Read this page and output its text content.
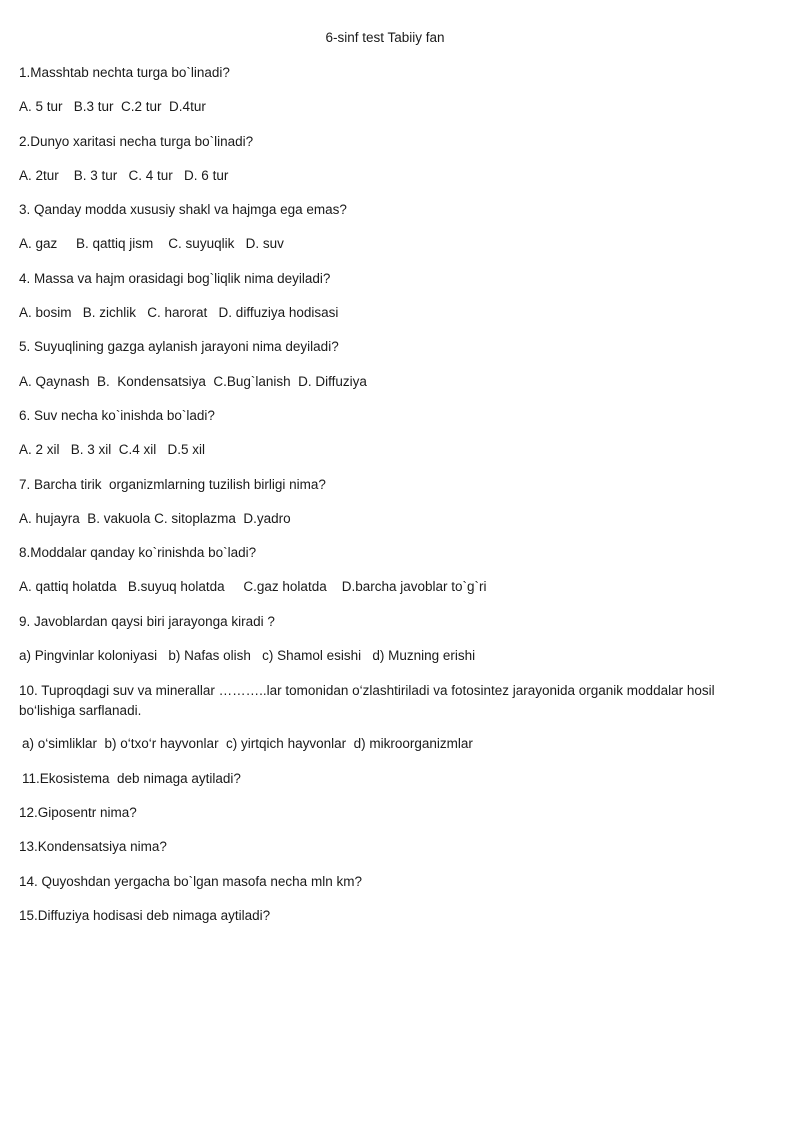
6-sinf test Tabiiy fan
1.Masshtab nechta turga bo`linadi?
A. 5 tur   B.3 tur  C.2 tur  D.4tur
2.Dunyo xaritasi necha turga bo`linadi?
A. 2tur    B. 3 tur   C. 4 tur   D. 6 tur
3. Qanday modda xususiy shakl va hajmga ega emas?
A. gaz     B. qattiq jism    C. suyuqlik   D. suv
4. Massa va hajm orasidagi bog`liqlik nima deyiladi?
A. bosim   B. zichlik   C. harorat   D. diffuziya hodisasi
5. Suyuqlining gazga aylanish jarayoni nima deyiladi?
A. Qaynash  B.  Kondensatsiya  C.Bug`lanish  D. Diffuziya
6. Suv necha ko`inishda bo`ladi?
A. 2 xil   B. 3 xil  C.4 xil   D.5 xil
7. Barcha tirik  organizmlarning tuzilish birligi nima?
A. hujayra  B. vakuola C. sitoplazma  D.yadro
8.Moddalar qanday ko`rinishda bo`ladi?
A. qattiq holatda   B.suyuq holatda     C.gaz holatda    D.barcha javoblar to`g`ri
9. Javoblardan qaysi biri jarayonga kiradi ?
a) Pingvinlar koloniyasi   b) Nafas olish   c) Shamol esishi   d) Muzning erishi
10. Tuproqdagi suv va minerallar ………..lar tomonidan o‘zlashtiriladi va fotosintez jarayonida organik moddalar hosil bo‘lishiga sarflanadi.
a) o‘simliklar  b) o‘txo‘r hayvonlar  c) yirtqich hayvonlar  d) mikroorganizmlar
11.Ekosistema  deb nimaga aytiladi?
12.Giposentr nima?
13.Kondensatsiya nima?
14. Quyoshdan yergacha bo`lgan masofa necha mln km?
15.Diffuziya hodisasi deb nimaga aytiladi?
